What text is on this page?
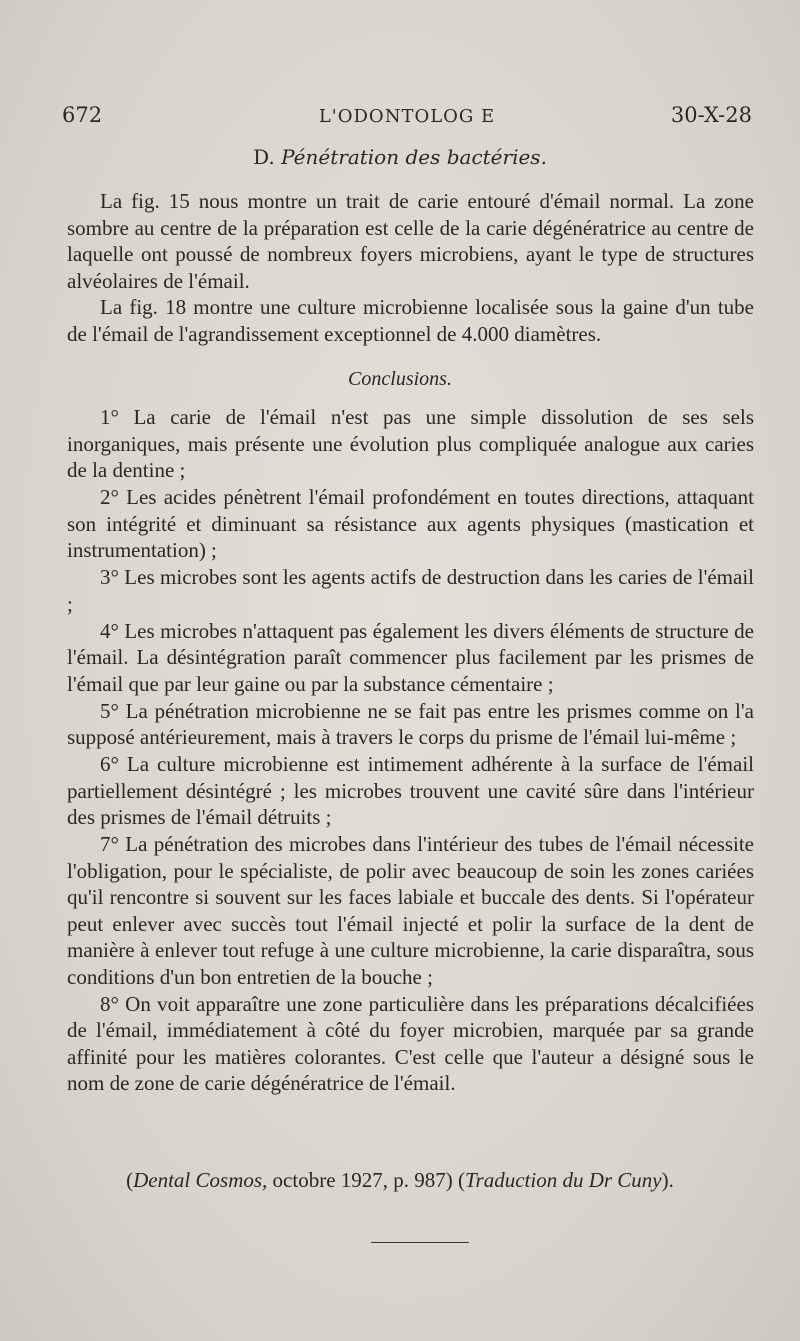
672	L'ODONTOLOG E	30-X-28
D. Pénétration des bactéries.

La fig. 15 nous montre un trait de carie entouré d'émail normal. La zone sombre au centre de la préparation est celle de la carie dégénératrice au centre de laquelle ont poussé de nombreux foyers microbiens, ayant le type de structures alvéolaires de l'émail.

La fig. 18 montre une culture microbienne localisée sous la gaine d'un tube de l'émail de l'agrandissement exceptionnel de 4.000 diamètres.

Conclusions.

1° La carie de l'émail n'est pas une simple dissolution de ses sels inorganiques, mais présente une évolution plus compliquée analogue aux caries de la dentine ;

2° Les acides pénètrent l'émail profondément en toutes directions, attaquant son intégrité et diminuant sa résistance aux agents physiques (mastication et instrumentation) ;

3° Les microbes sont les agents actifs de destruction dans les caries de l'émail ;

4° Les microbes n'attaquent pas également les divers éléments de structure de l'émail. La désintégration paraît commencer plus facilement par les prismes de l'émail que par leur gaine ou par la substance cémentaire ;

5° La pénétration microbienne ne se fait pas entre les prismes comme on l'a supposé antérieurement, mais à travers le corps du prisme de l'émail lui-même ;

6° La culture microbienne est intimement adhérente à la surface de l'émail partiellement désintégré ; les microbes trouvent une cavité sûre dans l'intérieur des prismes de l'émail détruits ;

7° La pénétration des microbes dans l'intérieur des tubes de l'émail nécessite l'obligation, pour le spécialiste, de polir avec beaucoup de soin les zones cariées qu'il rencontre si souvent sur les faces labiale et buccale des dents. Si l'opérateur peut enlever avec succès tout l'émail injecté et polir la surface de la dent de manière à enlever tout refuge à une culture microbienne, la carie disparaîtra, sous conditions d'un bon entretien de la bouche ;

8° On voit apparaître une zone particulière dans les préparations décalcifiées de l'émail, immédiatement à côté du foyer microbien, marquée par sa grande affinité pour les matières colorantes. C'est celle que l'auteur a désigné sous le nom de zone de carie dégénératrice de l'émail.

(Dental Cosmos, octobre 1927, p. 987) (Traduction du Dr Cuny).
